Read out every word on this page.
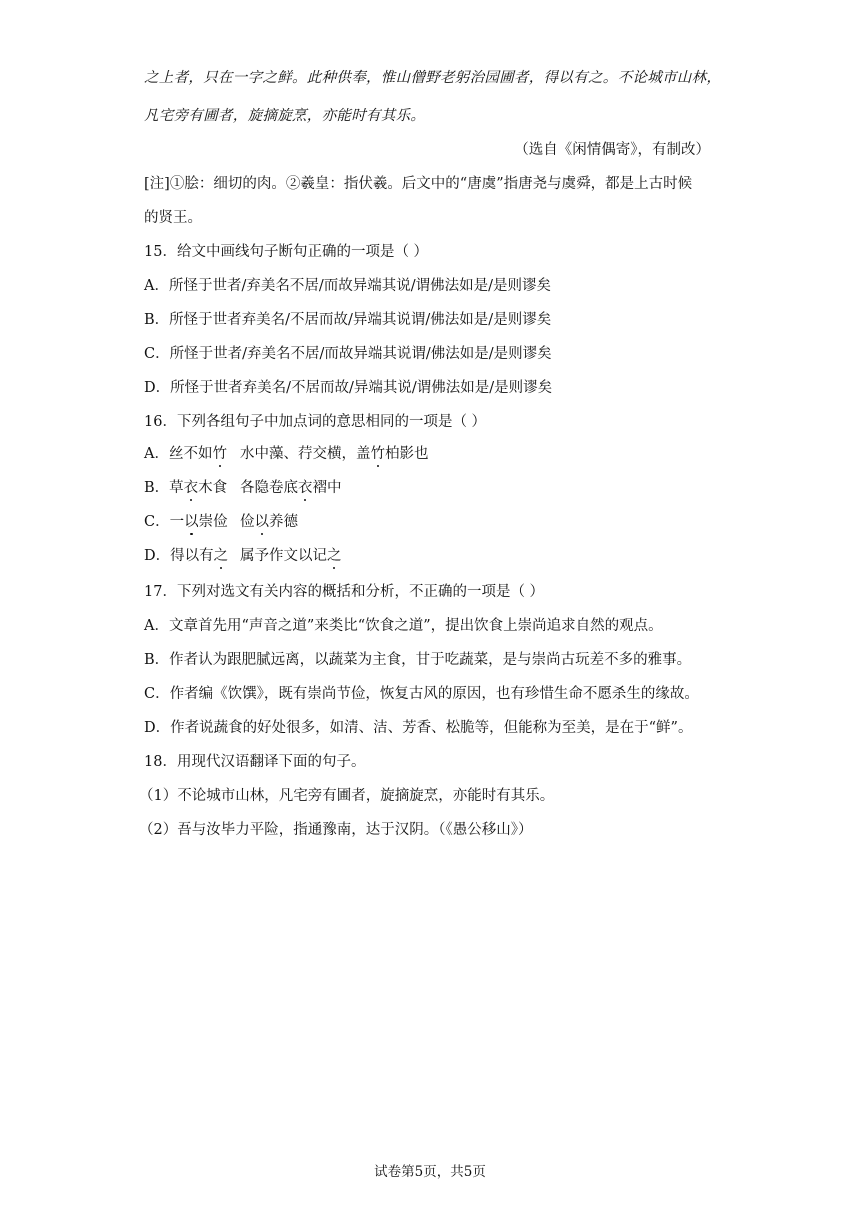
之上者，只在一字之鲜。此种供奉，惟山僧野老躬治园圃者，得以有之。不论城市山林，
凡宅旁有圃者，旋摘旋烹，亦能时有其乐。
（选自《闲情偶寄》，有制改）
[注]①脍：细切的肉。②羲皇：指伏羲。后文中的“唐虞”指唐尧与虞舜，都是上古时候
的贤王。
15．给文中画线句子断句正确的一项是（ ）
A．所怪于世者/弃美名不居/而故异端其说/谓佛法如是/是则谬矣
B．所怪于世者弃美名/不居而故/异端其说谓/佛法如是/是则谬矣
C．所怪于世者/弃美名不居/而故异端其说谓/佛法如是/是则谬矣
D．所怪于世者弃美名/不居而故/异端其说/谓佛法如是/是则谬矣
16．下列各组句子中加点词的意思相同的一项是（ ）
A．丝不如竹 水中藻、荇交横，盖竹柏影也
B．草衣木食 各隐卷底衣褶中
C．一以崇俭 俭以养德
D．得以有之 属予作文以记之
17．下列对选文有关内容的概括和分析，不正确的一项是（ ）
A．文章首先用“声音之道”来类比“饮食之道”，提出饮食上崇尚追求自然的观点。
B．作者认为跟肥腻远离，以蔬菜为主食，甘于吃蔬菜，是与崇尚古玩差不多的雅事。
C．作者编《饮馔》，既有崇尚节俭，恢复古风的原因，也有珍惜生命不愿杀生的缘故。
D．作者说蔬食的好处很多，如清、洁、芳香、松脆等，但能称为至美，是在于“鲜”。
18．用现代汉语翻译下面的句子。
（1）不论城市山林，凡宅旁有圃者，旋摘旋烹，亦能时有其乐。
（2）吾与汝毕力平险，指通豫南，达于汉阴。（《愚公移山》）
试卷第5页，共5页
